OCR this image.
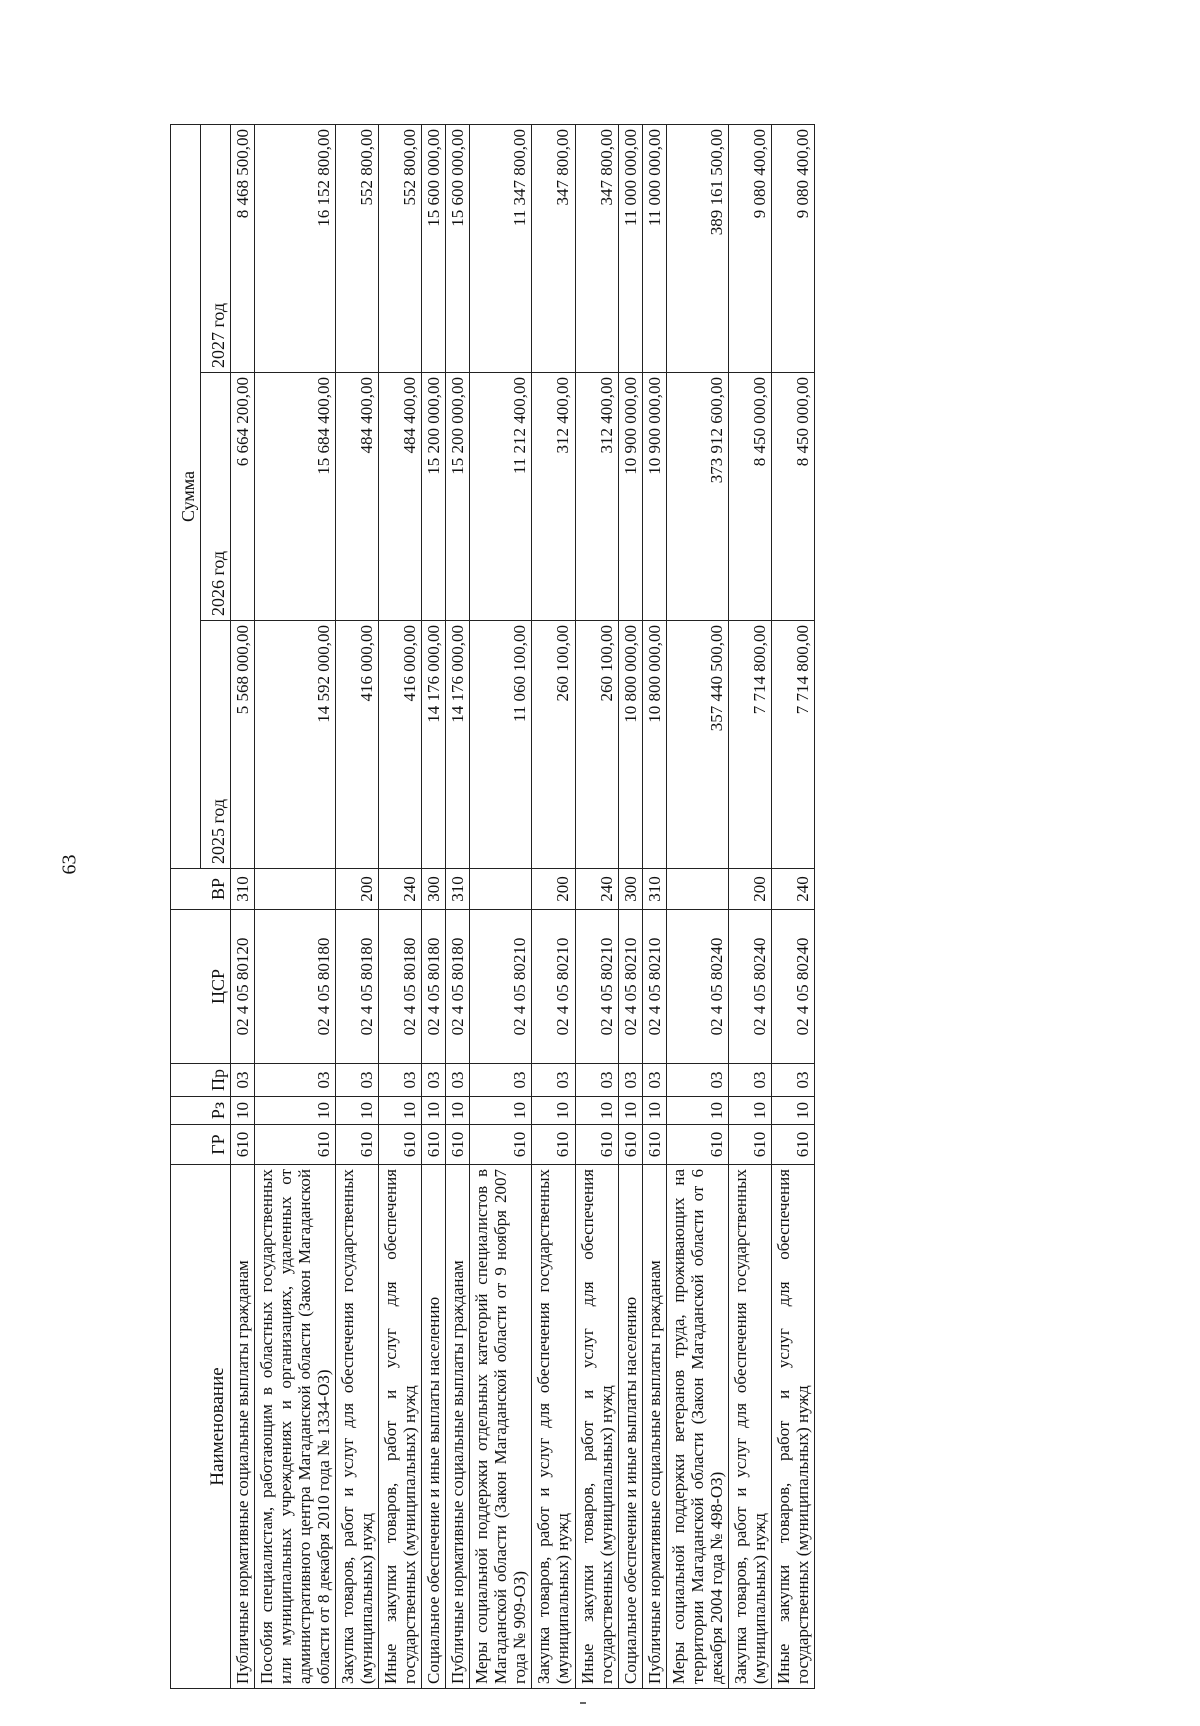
63
Наименование	ГР	Рз	Пр	ЦСР	ВР	Сумма		
						2025 год	2026 год	2027 год
Публичные нормативные социальные выплаты гражданам	610	10	03	02 4 05 80120	310	5 568 000,00	6 664 200,00	8 468 500,00
Пособия специалистам, работающим в областных государственных или муниципальных учреждениях и организациях, удаленных от административного центра Магаданской области (Закон Магаданской области от 8 декабря 2010 года № 1334-ОЗ)	610	10	03	02 4 05 80180		14 592 000,00	15 684 400,00	16 152 800,00
Закупка товаров, работ и услуг для обеспечения государственных (муниципальных) нужд	610	10	03	02 4 05 80180	200	416 000,00	484 400,00	552 800,00
Иные закупки товаров, работ и услуг для обеспечения государственных (муниципальных) нужд	610	10	03	02 4 05 80180	240	416 000,00	484 400,00	552 800,00
Социальное обеспечение и иные выплаты населению	610	10	03	02 4 05 80180	300	14 176 000,00	15 200 000,00	15 600 000,00
Публичные нормативные социальные выплаты гражданам	610	10	03	02 4 05 80180	310	14 176 000,00	15 200 000,00	15 600 000,00
Меры социальной поддержки отдельных категорий специалистов в Магаданской области (Закон Магаданской области от 9 ноября 2007 года № 909-ОЗ)	610	10	03	02 4 05 80210		11 060 100,00	11 212 400,00	11 347 800,00
Закупка товаров, работ и услуг для обеспечения государственных (муниципальных) нужд	610	10	03	02 4 05 80210	200	260 100,00	312 400,00	347 800,00
Иные закупки товаров, работ и услуг для обеспечения государственных (муниципальных) нужд	610	10	03	02 4 05 80210	240	260 100,00	312 400,00	347 800,00
Социальное обеспечение и иные выплаты населению	610	10	03	02 4 05 80210	300	10 800 000,00	10 900 000,00	11 000 000,00
Публичные нормативные социальные выплаты гражданам	610	10	03	02 4 05 80210	310	10 800 000,00	10 900 000,00	11 000 000,00
Меры социальной поддержки ветеранов труда, проживающих на территории Магаданской области (Закон Магаданской области от 6 декабря 2004 года № 498-ОЗ)	610	10	03	02 4 05 80240		357 440 500,00	373 912 600,00	389 161 500,00
Закупка товаров, работ и услуг для обеспечения государственных (муниципальных) нужд	610	10	03	02 4 05 80240	200	7 714 800,00	8 450 000,00	9 080 400,00
Иные закупки товаров, работ и услуг для обеспечения государственных (муниципальных) нужд	610	10	03	02 4 05 80240	240	7 714 800,00	8 450 000,00	9 080 400,00
